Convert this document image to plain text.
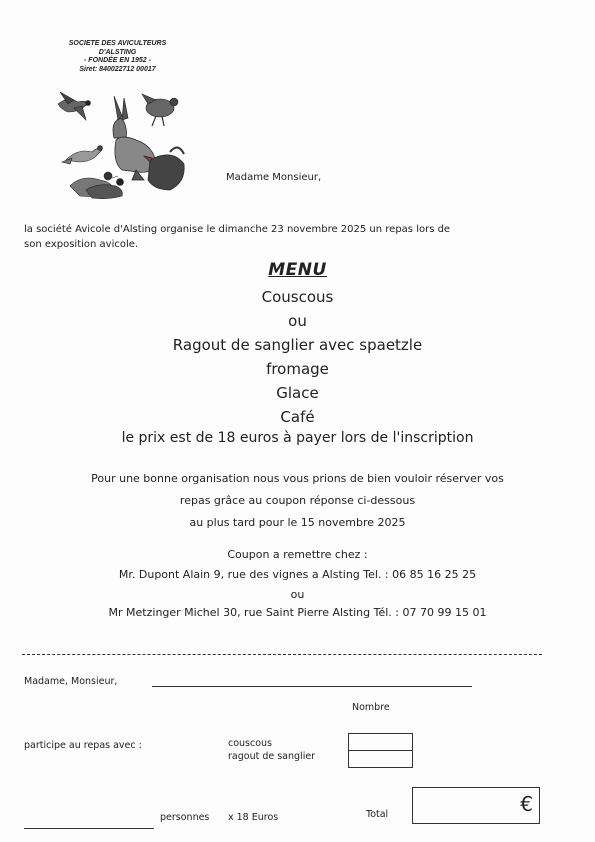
SOCIETE DES AVICULTEURS
D'ALSTING
- FONDÉE EN 1952 -
Siret: 840022712 00017
Madame Monsieur,
la société Avicole d'Alsting organise le dimanche 23 novembre 2025 un repas lors de
son exposition avicole.
MENU
Couscous
ou
Ragout de sanglier avec spaetzle
fromage
Glace
Café
le prix est de 18 euros à payer lors de l'inscription
Pour une bonne organisation nous vous prions de bien vouloir réserver vos
repas grâce au coupon réponse ci-dessous
au plus tard pour le 15 novembre 2025
Coupon a remettre chez :
Mr. Dupont Alain 9, rue des vignes a Alsting Tel. : 06 85 16 25 25
ou
Mr Metzinger Michel 30, rue Saint Pierre Alsting Tél. : 07 70 99 15 01
Madame, Monsieur,
Nombre
participe au repas avec :	couscous
ragout de sanglier
personnes x 18 Euros	Total	€
